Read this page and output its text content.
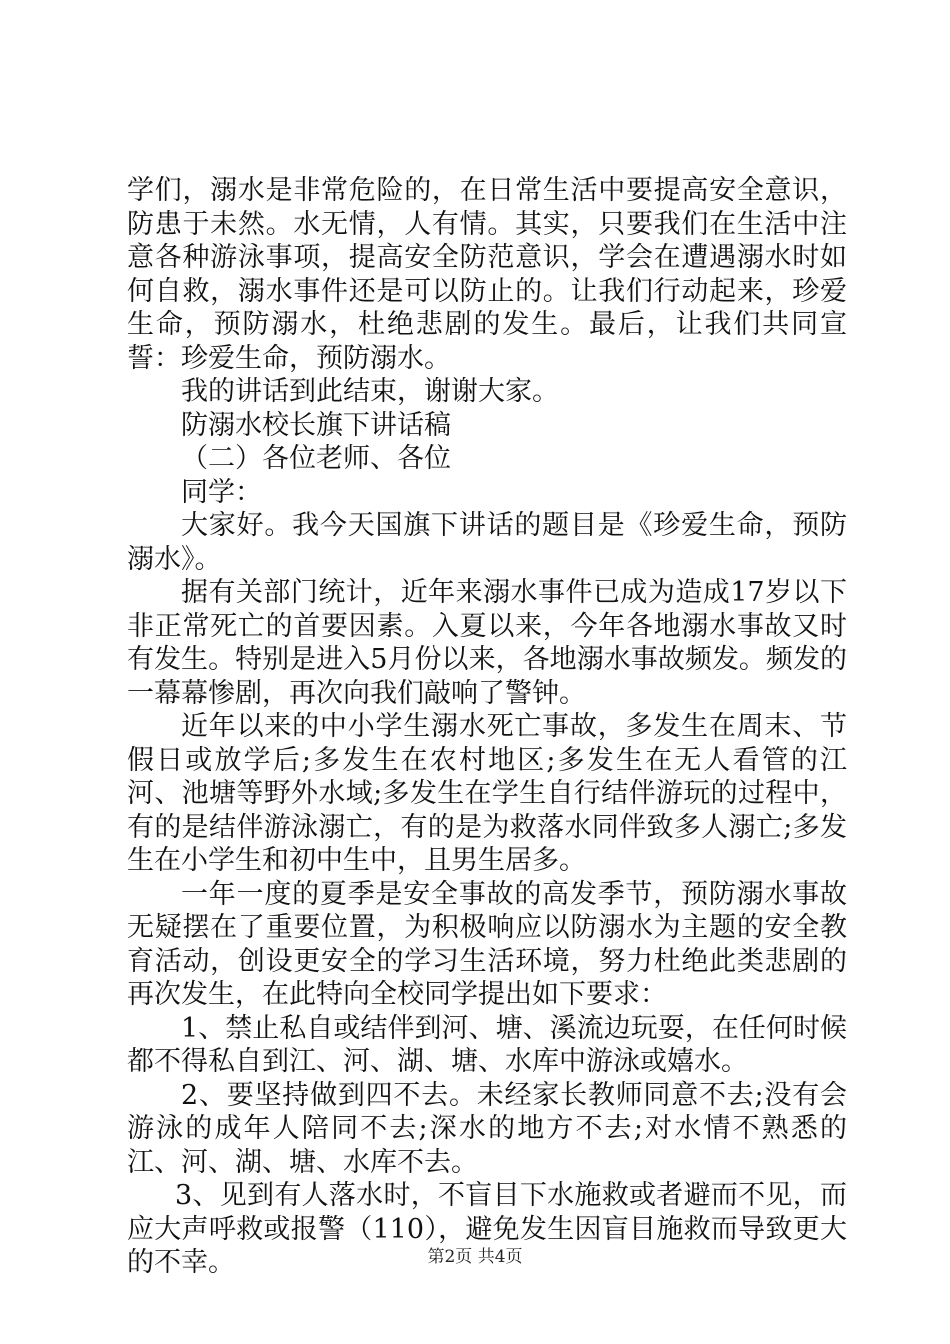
学们，溺水是非常危险的，在日常生活中要提高安全意识，防患于未然。水无情，人有情。其实，只要我们在生活中注意各种游泳事项，提高安全防范意识，学会在遭遇溺水时如何自救，溺水事件还是可以防止的。让我们行动起来，珍爱生命，预防溺水，杜绝悲剧的发生。最后，让我们共同宣誓：珍爱生命，预防溺水。

我的讲话到此结束，谢谢大家。

防溺水校长旗下讲话稿

（二）各位老师、各位

同学：

大家好。我今天国旗下讲话的题目是《珍爱生命，预防溺水》。

据有关部门统计，近年来溺水事件已成为造成17岁以下非正常死亡的首要因素。入夏以来，今年各地溺水事故又时有发生。特别是进入5月份以来，各地溺水事故频发。频发的一幕幕惨剧，再次向我们敲响了警钟。

近年以来的中小学生溺水死亡事故，多发生在周末、节假日或放学后;多发生在农村地区;多发生在无人看管的江河、池塘等野外水域;多发生在学生自行结伴游玩的过程中，有的是结伴游泳溺亡，有的是为救落水同伴致多人溺亡;多发生在小学生和初中生中，且男生居多。

一年一度的夏季是安全事故的高发季节，预防溺水事故无疑摆在了重要位置，为积极响应以防溺水为主题的安全教育活动，创设更安全的学习生活环境，努力杜绝此类悲剧的再次发生，在此特向全校同学提出如下要求：

1、禁止私自或结伴到河、塘、溪流边玩耍，在任何时候都不得私自到江、河、湖、塘、水库中游泳或嬉水。

2、要坚持做到四不去。未经家长教师同意不去;没有会游泳的成年人陪同不去;深水的地方不去;对水情不熟悉的江、河、湖、塘、水库不去。

3、见到有人落水时，不盲目下水施救或者避而不见，而应大声呼救或报警（110），避免发生因盲目施救而导致更大的不幸。	第2页 共4页
